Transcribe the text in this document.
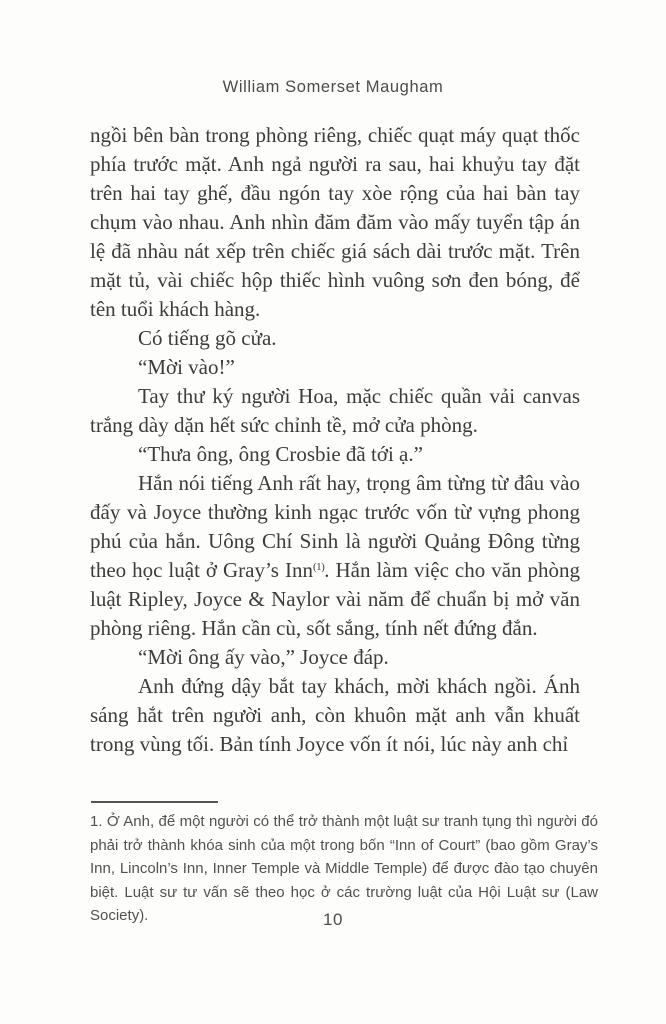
William Somerset Maugham

ngồi bên bàn trong phòng riêng, chiếc quạt máy quạt thốc phía trước mặt. Anh ngả người ra sau, hai khuỷu tay đặt trên hai tay ghế, đầu ngón tay xòe rộng của hai bàn tay chụm vào nhau. Anh nhìn đăm đăm vào mấy tuyển tập án lệ đã nhàu nát xếp trên chiếc giá sách dài trước mặt. Trên mặt tủ, vài chiếc hộp thiếc hình vuông sơn đen bóng, để tên tuổi khách hàng.

Có tiếng gõ cửa.

“Mời vào!”

Tay thư ký người Hoa, mặc chiếc quần vải canvas trắng dày dặn hết sức chỉnh tề, mở cửa phòng.

“Thưa ông, ông Crosbie đã tới ạ.”

Hắn nói tiếng Anh rất hay, trọng âm từng từ đâu vào đấy và Joyce thường kinh ngạc trước vốn từ vựng phong phú của hắn. Uông Chí Sinh là người Quảng Đông từng theo học luật ở Gray’s Inn$^{(1)}$. Hắn làm việc cho văn phòng luật Ripley, Joyce & Naylor vài năm để chuẩn bị mở văn phòng riêng. Hắn cần cù, sốt sắng, tính nết đứng đắn.

“Mời ông ấy vào,” Joyce đáp.

Anh đứng dậy bắt tay khách, mời khách ngồi. Ánh sáng hắt trên người anh, còn khuôn mặt anh vẫn khuất trong vùng tối. Bản tính Joyce vốn ít nói, lúc này anh chỉ

1. Ở Anh, để một người có thể trở thành một luật sư tranh tụng thì người đó phải trở thành khóa sinh của một trong bốn “Inn of Court” (bao gồm Gray’s Inn, Lincoln’s Inn, Inner Temple và Middle Temple) để được đào tạo chuyên biệt. Luật sư tư vấn sẽ theo học ở các trường luật của Hội Luật sư (Law Society).	10
